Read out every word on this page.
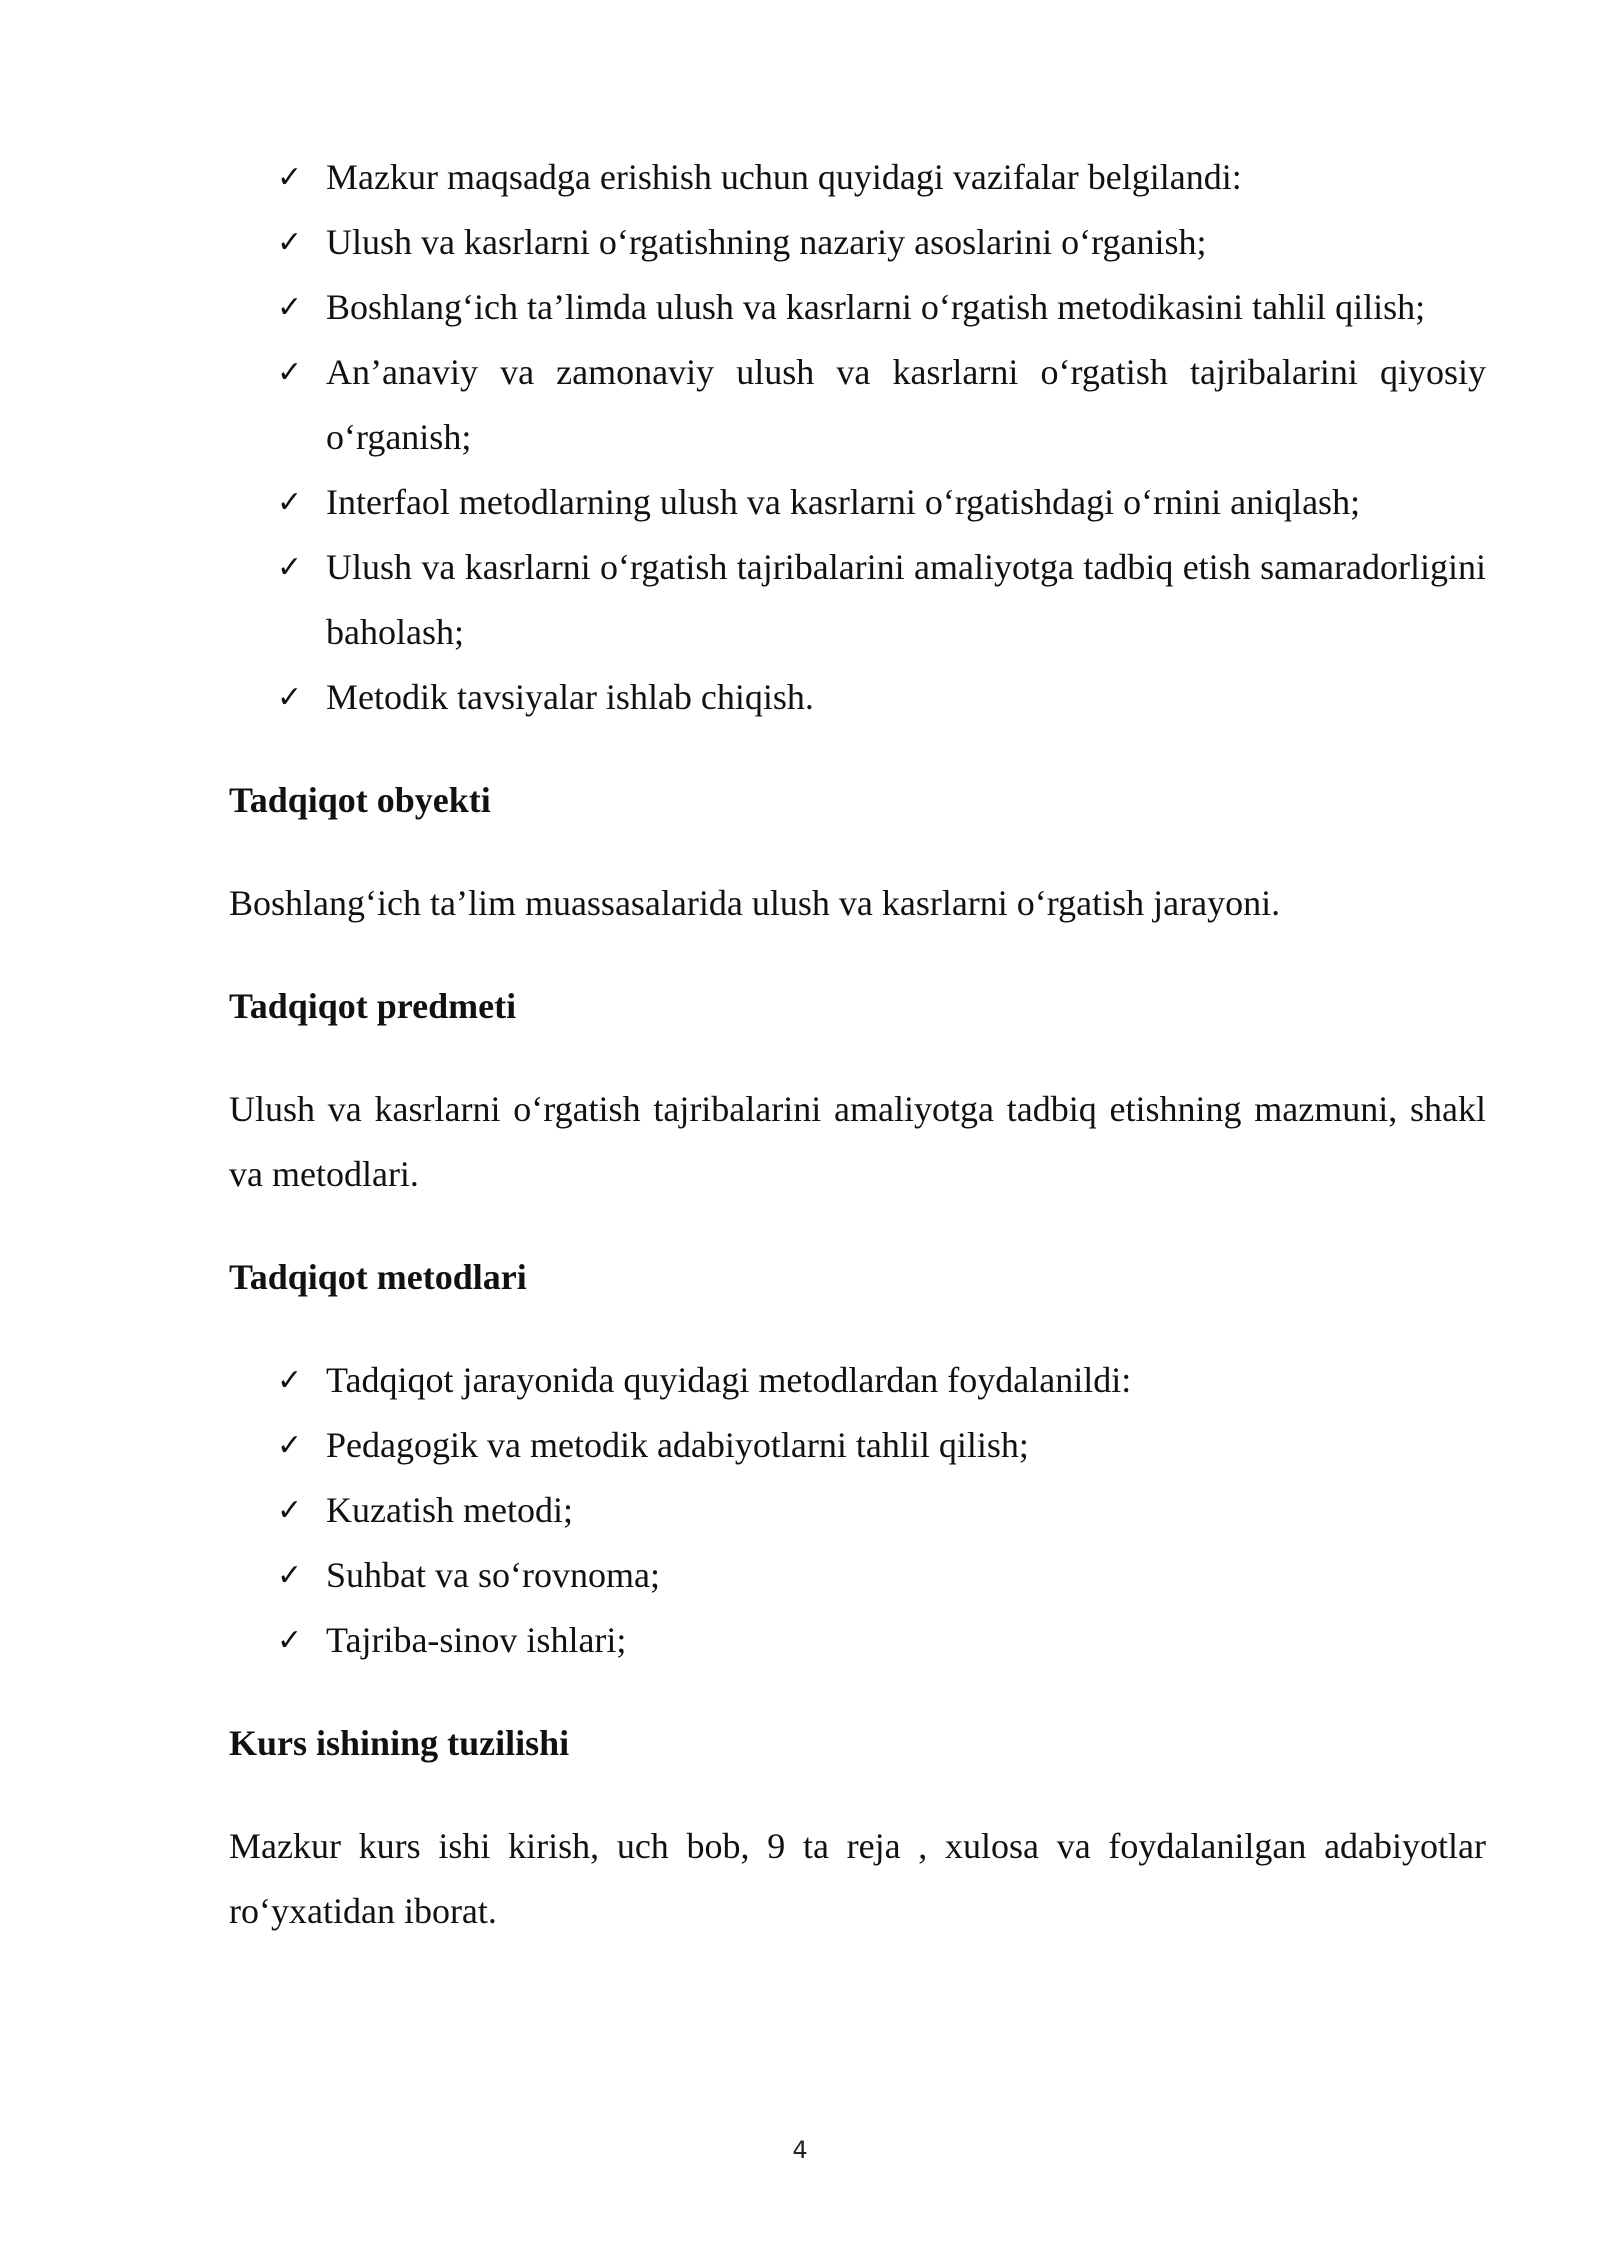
✓ Mazkur maqsadga erishish uchun quyidagi vazifalar belgilandi:
✓ Ulush va kasrlarni o‘rgatishning nazariy asoslarini o‘rganish;
✓ Boshlang‘ich ta’limda ulush va kasrlarni o‘rgatish metodikasini tahlil qilish;
✓ An’anaviy va zamonaviy ulush va kasrlarni o‘rgatish tajribalarini qiyosiy o‘rganish;
✓ Interfaol metodlarning ulush va kasrlarni o‘rgatishdagi o‘rnini aniqlash;
✓ Ulush va kasrlarni o‘rgatish tajribalarini amaliyotga tadbiq etish samaradorligini baholash;
✓ Metodik tavsiyalar ishlab chiqish.
Tadqiqot obyekti

Boshlang‘ich ta’lim muassasalarida ulush va kasrlarni o‘rgatish jarayoni.

Tadqiqot predmeti

Ulush va kasrlarni o‘rgatish tajribalarini amaliyotga tadbiq etishning mazmuni, shakl va metodlari.

Tadqiqot metodlari
✓ Tadqiqot jarayonida quyidagi metodlardan foydalanildi:
✓ Pedagogik va metodik adabiyotlarni tahlil qilish;
✓ Kuzatish metodi;
✓ Suhbat va so‘rovnoma;
✓ Tajriba-sinov ishlari;
Kurs ishining tuzilishi

Mazkur kurs ishi kirish, uch bob, 9 ta reja , xulosa va foydalanilgan adabiyotlar ro‘yxatidan iborat.

4
